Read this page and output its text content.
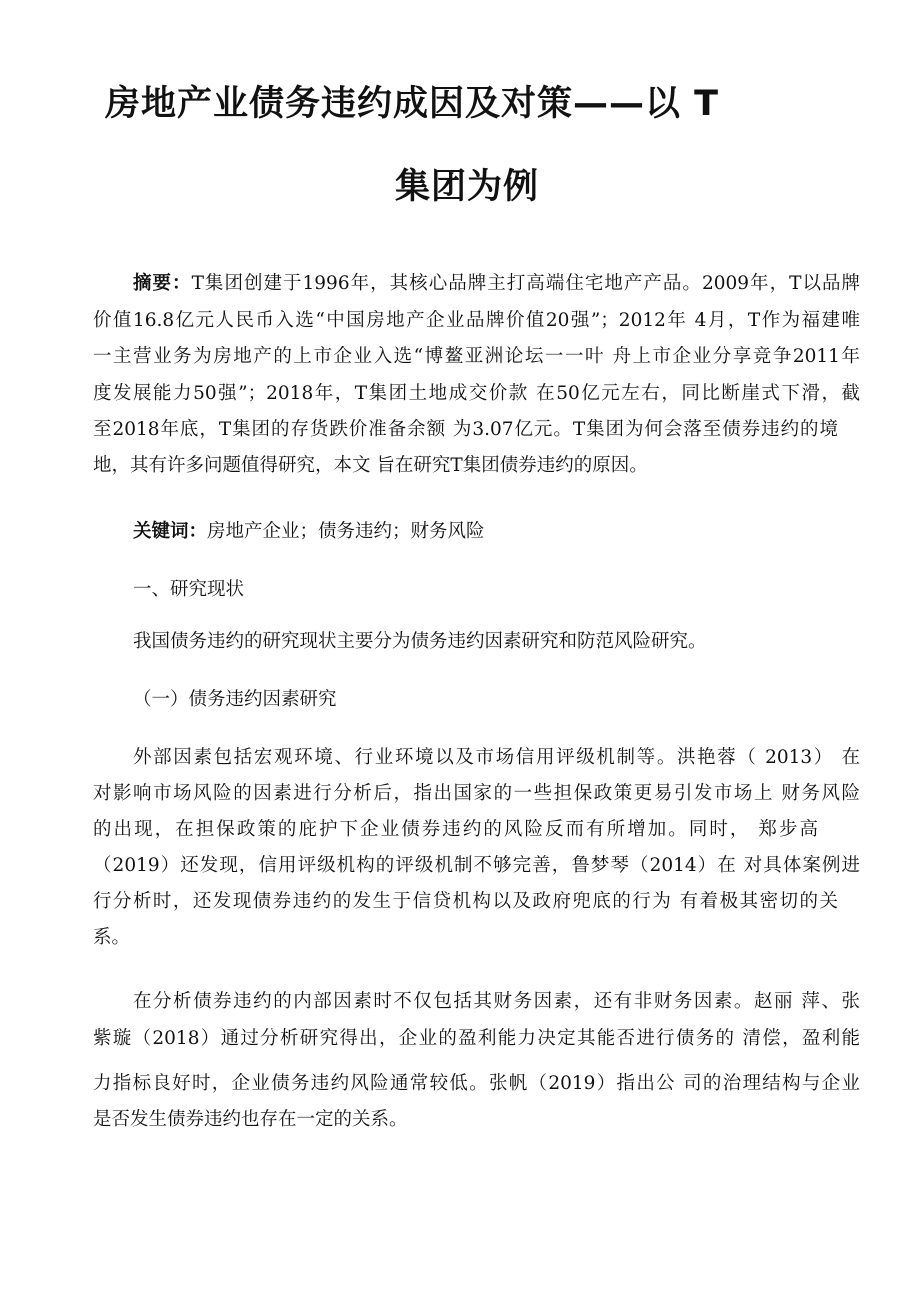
房地产业债务违约成因及对策——以 T
集团为例
摘要：T集团创建于1996年，其核心品牌主打高端住宅地产产品。2009年，T以品牌
价值16.8亿元人民币入选“中国房地产企业品牌价值20强”；2012年 4月，T作为福建唯
一主营业务为房地产的上市企业入选“博鳌亚洲论坛一一叶 舟上市企业分享竞争2011年
度发展能力50强”；2018年，T集团土地成交价款 在50亿元左右，同比断崖式下滑，截
至2018年底，T集团的存货跌价准备余额 为3.07亿元。T集团为何会落至债券违约的境
地，其有许多问题值得研究，本文 旨在研究T集团债券违约的原因。
关键词：房地产企业；债务违约；财务风险
一、研究现状
我国债务违约的研究现状主要分为债务违约因素研究和防范风险研究。
（一）债务违约因素研究
外部因素包括宏观环境、行业环境以及市场信用评级机制等。洪艳蓉（ 2013） 在
对影响市场风险的因素进行分析后，指出国家的一些担保政策更易引发市场上 财务风险
的出现，在担保政策的庇护下企业债券违约的风险反而有所增加。同时， 郑步高
（2019）还发现，信用评级机构的评级机制不够完善，鲁梦琴（2014）在 对具体案例进
行分析时，还发现债券违约的发生于信贷机构以及政府兜底的行为 有着极其密切的关
系。
在分析债券违约的内部因素时不仅包括其财务因素，还有非财务因素。赵丽 萍、张
紫璇（2018）通过分析研究得出，企业的盈利能力决定其能否进行债务的 清偿，盈利能
力指标良好时，企业债务违约风险通常较低。张帆（2019）指出公 司的治理结构与企业
是否发生债券违约也存在一定的关系。
